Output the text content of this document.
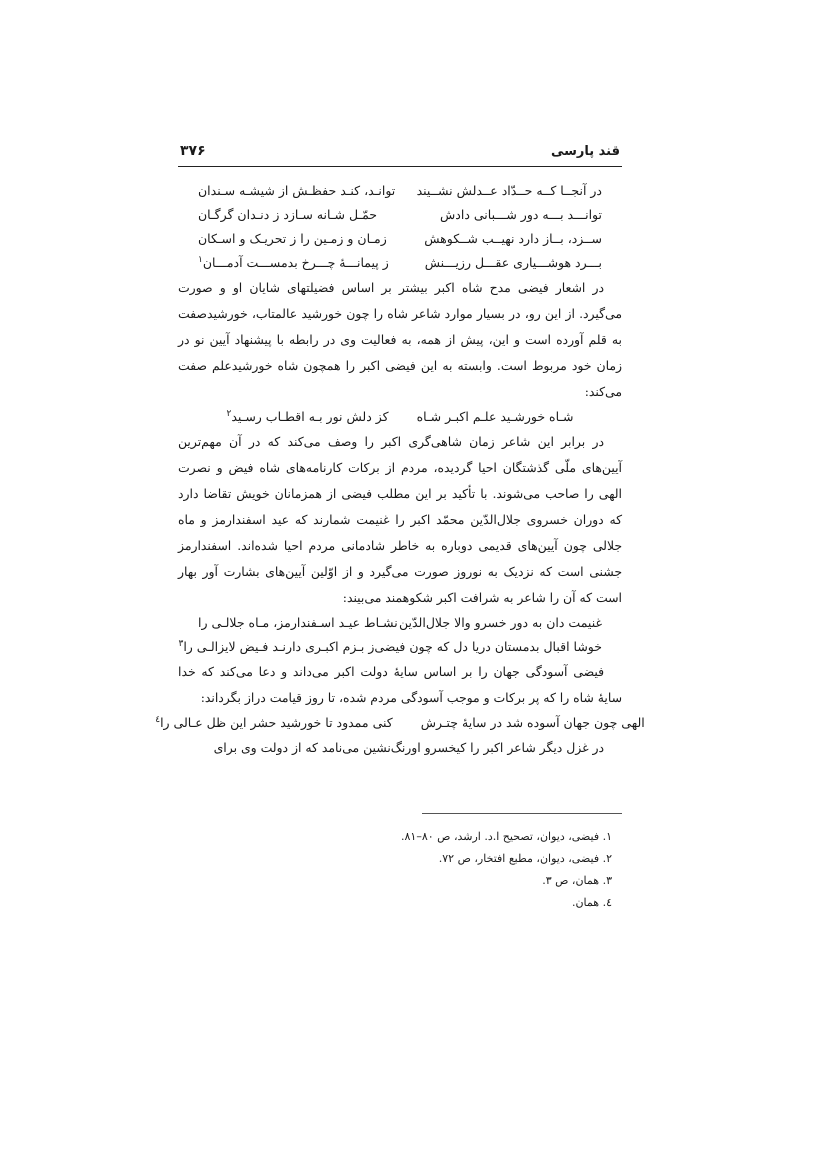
قند پارسی
۳۷۶
در آنجــا کــه حــدّاد عــدلش نشــیند
توانـد، کنـد حفظـش از شیشـه سـندان
توانـــد بـــه دور شـــبانی دادش
حمّـل شـانه سـازد ز دنـدان گرگـان
ســزد، بــاز دارد نهیــب شــکوهش
زمـان و زمـین را ز تحریـک و اسـکان
بـــرد هوشـــیاری عقـــل رزیـــنش
ز پیمانـــۀ چـــرخ بدمســـت آدمـــان$^۱$

در اشعار فیضی مدح شاه اکبر بیشتر بر اساس فضیلتهای شایان او و صورت می‌گیرد. از این رو، در بسیار موارد شاعر شاه را چون خورشید عالمتاب، خورشیدصفت به قلم آورده است و این، پیش از همه، به فعالیت وی در رابطه با پیشنهاد آیین نو در زمان خود مربوط است. وابسته به این فیضی اکبر را همچون شاه خورشیدعلم صفت می‌کند:

شـاه خورشـید علـم اکبـر شـاه
کز دلش نور بـه اقطـاب رسـید$^۲$

در برابر این شاعر زمان شاهی‌گری اکبر را وصف می‌کند که در آن مهم‌ترین آیین‌های ملّی گذشتگان احیا گردیده، مردم از برکات کارنامه‌های شاه فیض و نصرت الهی را صاحب می‌شوند. با تأکید بر این مطلب فیضی از همزمانان خویش تقاضا دارد که دوران خسروی جلال‌الدّین محمّد اکبر را غنیمت شمارند که عید اسفندارمز و ماه جلالی چون آیین‌های قدیمی دوباره به خاطر شادمانی مردم احیا شده‌اند. اسفندارمز جشنی است که نزدیک به نوروز صورت می‌گیرد و از اوّلین آیین‌های بشارت آور بهار است که آن را شاعر به شرافت اکبر شکوهمند می‌بیند:

غنیمت دان به دور خسرو والا جلال‌الدّین
نشـاط عیـد اسـفندارمز، مـاه جلالـی را
خوشا اقبال بدمستان دریا دل که چون فیضی
ز بـزم اکبـری دارنـد فـیض لایزالـی را$^۳$

فیضی آسودگی جهان را بر اساس سایۀ دولت اکبر می‌داند و دعا می‌کند که خدا سایۀ شاه را که پر برکات و موجب آسودگی مردم شده، تا روز قیامت دراز بگرداند:

الهی چون جهان آسوده شد در سایۀ چتـرش
کنی ممدود تا خورشید حشر این ظل عـالی را$^٤$

در غزل دیگر شاعر اکبر را کیخسرو اورنگ‌نشین می‌نامد که از دولت وی برای

۱. فیضی، دیوان، تصحیح ا.د. ارشد، ص ۸۰–۸۱.
۲. فیضی، دیوان، مطبع افتخار، ص ۷۲.
۳. همان، ص ۳.
٤. همان.
